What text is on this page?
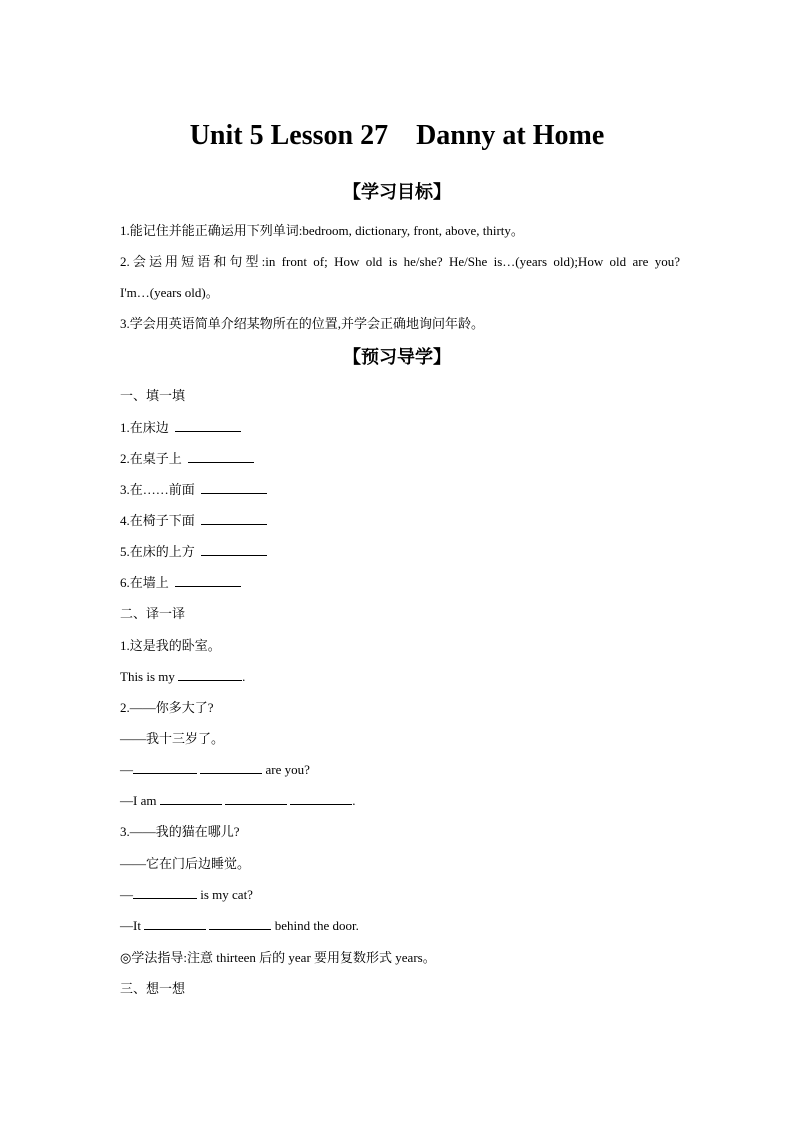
Unit 5 Lesson 27    Danny at Home
【学习目标】
1.能记住并能正确运用下列单词:bedroom, dictionary, front, above, thirty。
2.会运用短语和句型:in front of; How old is he/she? He/She is…(years old);How old are you?
I'm…(years old)。
3.学会用英语简单介绍某物所在的位置,并学会正确地询问年龄。
【预习导学】
一、填一填
1.在床边
2.在桌子上
3.在……前面
4.在椅子下面
5.在床的上方
6.在墙上
二、译一译
1.这是我的卧室。
This is my	.
2.——你多大了?
——我十三岁了。
—	are you?
—I am	.
3.——我的猫在哪儿?
——它在门后边睡觉。
—	is my cat?
—It	behind the door.
◎学法指导:注意 thirteen 后的 year 要用复数形式 years。
三、想一想
